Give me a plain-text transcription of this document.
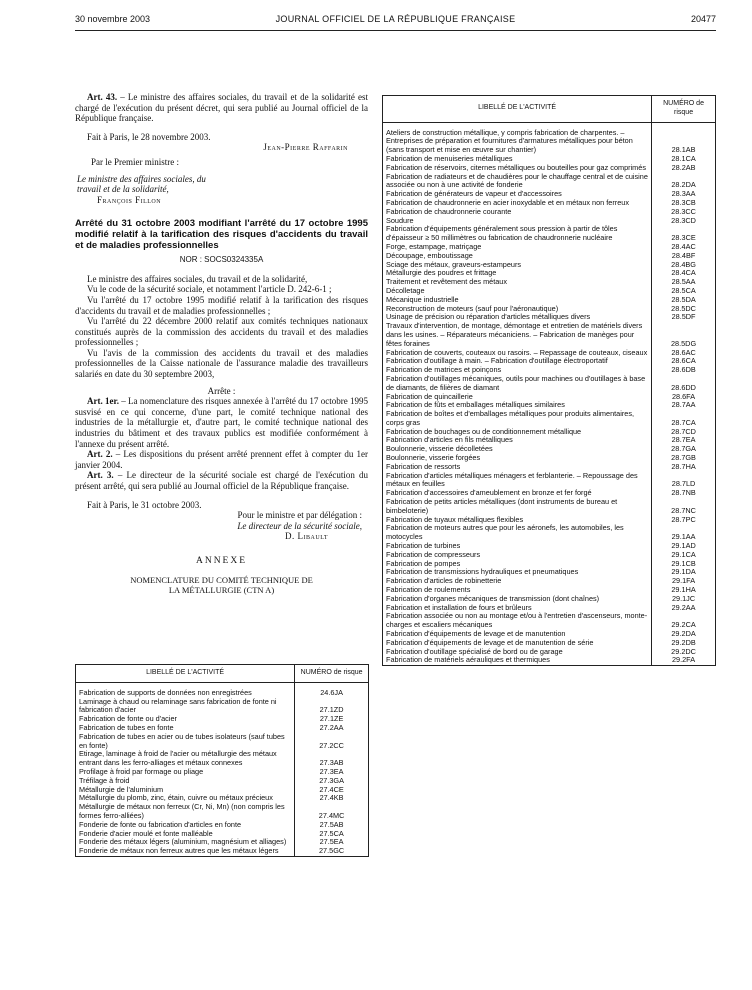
30 novembre 2003	JOURNAL OFFICIEL DE LA RÉPUBLIQUE FRANÇAISE	20477

Art. 43. – Le ministre des affaires sociales, du travail et de la solidarité est chargé de l'exécution du présent décret, qui sera publié au Journal officiel de la République française.

Fait à Paris, le 28 novembre 2003.

Jean-Pierre Raffarin

Par le Premier ministre :

Le ministre des affaires sociales, du travail et de la solidarité,

François Fillon

Arrêté du 31 octobre 2003 modifiant l'arrêté du 17 octobre 1995 modifié relatif à la tarification des risques d'accidents du travail et de maladies professionnelles

NOR : SOCS0324335A

Le ministre des affaires sociales, du travail et de la solidarité,

Vu le code de la sécurité sociale, et notamment l'article D. 242-6-1 ;

Vu l'arrêté du 17 octobre 1995 modifié relatif à la tarification des risques d'accidents du travail et de maladies professionnelles ;

Vu l'arrêté du 22 décembre 2000 relatif aux comités techniques nationaux constitués auprès de la commission des accidents du travail et des maladies professionnelles ;

Vu l'avis de la commission des accidents du travail et des maladies professionnelles de la Caisse nationale de l'assurance maladie des travailleurs salariés en date du 30 septembre 2003,

Arrête :

Art. 1er. – La nomenclature des risques annexée à l'arrêté du 17 octobre 1995 susvisé en ce qui concerne, d'une part, le comité technique national des industries de la métallurgie et, d'autre part, le comité technique national des industries du bâtiment et des travaux publics est modifiée conformément à l'annexe du présent arrêté.

Art. 2. – Les dispositions du présent arrêté prennent effet à compter du 1er janvier 2004.

Art. 3. – Le directeur de la sécurité sociale est chargé de l'exécution du présent arrêté, qui sera publié au Journal officiel de la République française.

Fait à Paris, le 31 octobre 2003.

Pour le ministre et par délégation :

Le directeur de la sécurité sociale,

D. Libault

ANNEXE

NOMENCLATURE DU COMITÉ TECHNIQUE DE LA MÉTALLURGIE (CTN A)

LIBELLÉ DE L'ACTIVITÉ	NUMÉRO de risque
Fabrication de supports de données non enregistrées	24.6JA
Laminage à chaud ou relaminage sans fabrication de fonte ni fabrication d'acier	27.1ZD
Fabrication de fonte ou d'acier	27.1ZE
Fabrication de tubes en fonte	27.2AA
Fabrication de tubes en acier ou de tubes isolateurs (sauf tubes en fonte)	27.2CC
Etirage, laminage à froid de l'acier ou métallurgie des métaux entrant dans les ferro-alliages et métaux connexes	27.3AB
Profilage à froid par formage ou pliage	27.3EA
Tréfilage à froid	27.3GA
Métallurgie de l'aluminium	27.4CE
Métallurgie du plomb, zinc, étain, cuivre ou métaux précieux	27.4KB
Métallurgie de métaux non ferreux (Cr, Ni, Mn) (non compris les formes ferro-alliées)	27.4MC
Fonderie de fonte ou fabrication d'articles en fonte	27.5AB
Fonderie d'acier moulé et fonte malléable	27.5CA
Fonderie des métaux légers (aluminium, magnésium et alliages)	27.5EA
Fonderie de métaux non ferreux autres que les métaux légers	27.5GC
LIBELLÉ DE L'ACTIVITÉ	NUMÉRO de risque
Ateliers de construction métallique, y compris fabrication de charpentes. – Entreprises de préparation et fournitures d'armatures métalliques pour béton (sans transport et mise en œuvre sur chantier)	28.1AB
Fabrication de menuiseries métalliques	28.1CA
Fabrication de réservoirs, citernes métalliques ou bouteilles pour gaz comprimés	28.2AB
Fabrication de radiateurs et de chaudières pour le chauffage central et de cuisine associée ou non à une activité de fonderie	28.2DA
Fabrication de générateurs de vapeur et d'accessoires	28.3AA
Fabrication de chaudronnerie en acier inoxydable et en métaux non ferreux	28.3CB
Fabrication de chaudronnerie courante	28.3CC
Soudure	28.3CD
Fabrication d'équipements généralement sous pression à partir de tôles d'épaisseur ≥ 50 millimètres ou fabrication de chaudronnerie nucléaire	28.3CE
Forge, estampage, matriçage	28.4AC
Découpage, emboutissage	28.4BF
Sciage des métaux, graveurs-estampeurs	28.4BG
Métallurgie des poudres et frittage	28.4CA
Traitement et revêtement des métaux	28.5AA
Décolletage	28.5CA
Mécanique industrielle	28.5DA
Reconstruction de moteurs (sauf pour l'aéronautique)	28.5DC
Usinage de précision ou réparation d'articles métalliques divers	28.5DF
Travaux d'intervention, de montage, démontage et entretien de matériels divers dans les usines. – Réparateurs mécaniciens. – Fabrication de manèges pour fêtes foraines	28.5DG
Fabrication de couverts, couteaux ou rasoirs. – Repassage de couteaux, ciseaux	28.6AC
Fabrication d'outillage à main. – Fabrication d'outillage électroportatif	28.6CA
Fabrication de matrices et poinçons	28.6DB
Fabrication d'outillages mécaniques, outils pour machines ou d'outillages à base de diamants, de filières de diamant	28.6DD
Fabrication de quincaillerie	28.6FA
Fabrication de fûts et emballages métalliques similaires	28.7AA
Fabrication de boîtes et d'emballages métalliques pour produits alimentaires, corps gras	28.7CA
Fabrication de bouchages ou de conditionnement métallique	28.7CD
Fabrication d'articles en fils métalliques	28.7EA
Boulonnerie, visserie décolletées	28.7GA
Boulonnerie, visserie forgées	28.7GB
Fabrication de ressorts	28.7HA
Fabrication d'articles métalliques ménagers et ferblanterie. – Repoussage des métaux en feuilles	28.7LD
Fabrication d'accessoires d'ameublement en bronze et fer forgé	28.7NB
Fabrication de petits articles métalliques (dont instruments de bureau et bimbeloterie)	28.7NC
Fabrication de tuyaux métalliques flexibles	28.7PC
Fabrication de moteurs autres que pour les aéronefs, les automobiles, les motocycles	29.1AA
Fabrication de turbines	29.1AD
Fabrication de compresseurs	29.1CA
Fabrication de pompes	29.1CB
Fabrication de transmissions hydrauliques et pneumatiques	29.1DA
Fabrication d'articles de robinetterie	29.1FA
Fabrication de roulements	29.1HA
Fabrication d'organes mécaniques de transmission (dont chaînes)	29.1JC
Fabrication et installation de fours et brûleurs	29.2AA
Fabrication associée ou non au montage et/ou à l'entretien d'ascenseurs, monte-charges et escaliers mécaniques	29.2CA
Fabrication d'équipements de levage et de manutention	29.2DA
Fabrication d'équipements de levage et de manutention de série	29.2DB
Fabrication d'outillage spécialisé de bord ou de garage	29.2DC
Fabrication de matériels aérauliques et thermiques	29.2FA
